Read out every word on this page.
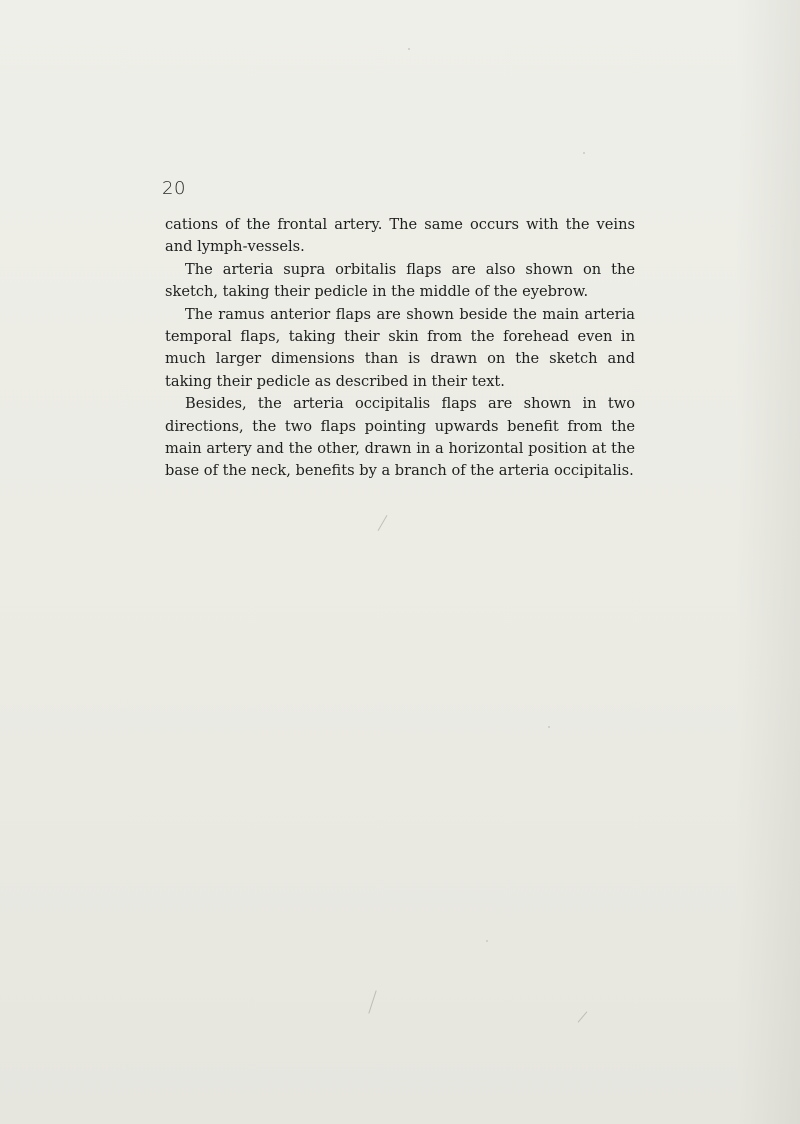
20

cations of the frontal artery. The same occurs with the veins and lymph-vessels.

The arteria supra orbitalis flaps are also shown on the sketch, taking their pedicle in the middle of the eyebrow.

The ramus anterior flaps are shown beside the main arteria temporal flaps, taking their skin from the forehead even in much larger dimensions than is drawn on the sketch and taking their pedicle as described in their text.

Besides, the arteria occipitalis flaps are shown in two directions, the two flaps pointing upwards benefit from the main artery and the other, drawn in a horizontal position at the base of the neck, benefits by a branch of the arteria occipitalis.
